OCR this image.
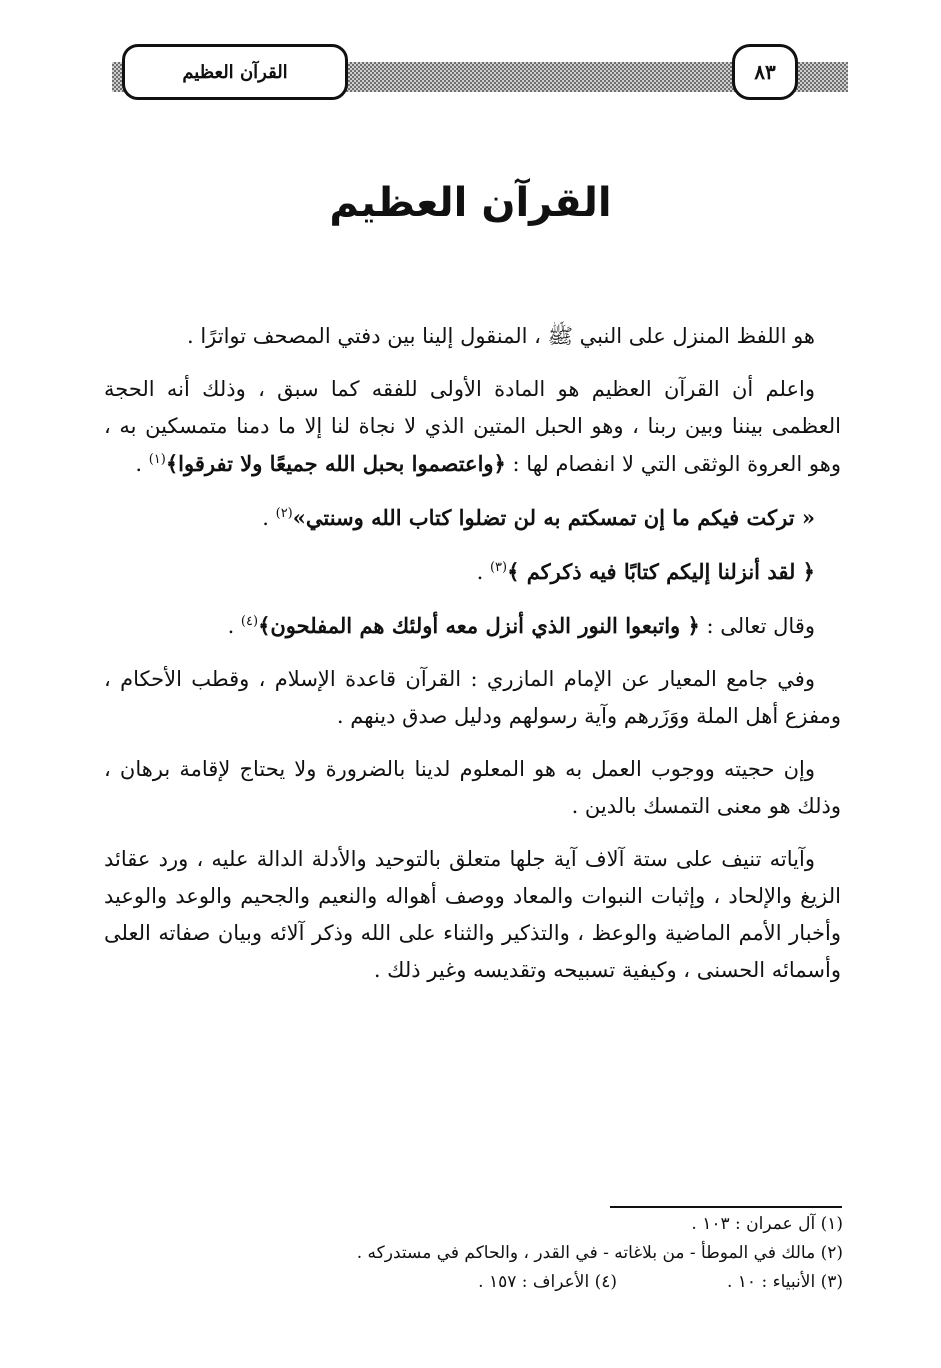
القرآن العظيم	٨٣
القرآن العظيم

هو اللفظ المنزل على النبي ﷺ ، المنقول إلينا بين دفتي المصحف تواترًا .

واعلم أن القرآن العظيم هو المادة الأولى للفقه كما سبق ، وذلك أنه الحجة العظمى بيننا وبين ربنا ، وهو الحبل المتين الذي لا نجاة لنا إلا ما دمنا متمسكين به ، وهو العروة الوثقى التي لا انفصام لها : ﴿واعتصموا بحبل الله جميعًا ولا تفرقوا﴾$^{(١)}$ .

« تركت فيكم ما إن تمسكتم به لن تضلوا كتاب الله وسنتي»$^{(٢)}$ .

﴿ لقد أنزلنا إليكم كتابًا فيه ذكركم ﴾$^{(٣)}$ .

وقال تعالى : ﴿ واتبعوا النور الذي أنزل معه أولئك هم المفلحون﴾$^{(٤)}$ .

وفي جامع المعيار عن الإمام المازري : القرآن قاعدة الإسلام ، وقطب الأحكام ، ومفزع أهل الملة ووَزَرهم وآية رسولهم ودليل صدق دينهم .

وإن حجيته ووجوب العمل به هو المعلوم لدينا بالضرورة ولا يحتاج لإقامة برهان ، وذلك هو معنى التمسك بالدين .

وآياته تنيف على ستة آلاف آية جلها متعلق بالتوحيد والأدلة الدالة عليه ، ورد عقائد الزيغ والإلحاد ، وإثبات النبوات والمعاد ووصف أهواله والنعيم والجحيم والوعد والوعيد وأخبار الأمم الماضية والوعظ ، والتذكير والثناء على الله وذكر آلائه وبيان صفاته العلى وأسمائه الحسنى ، وكيفية تسبيحه وتقديسه وغير ذلك .

(١) آل عمران : ١٠٣ .
(٢) مالك في الموطأ - من بلاغاته - في القدر ، والحاكم في مستدركه .
(٣) الأنبياء : ١٠ .(٤) الأعراف : ١٥٧ .
